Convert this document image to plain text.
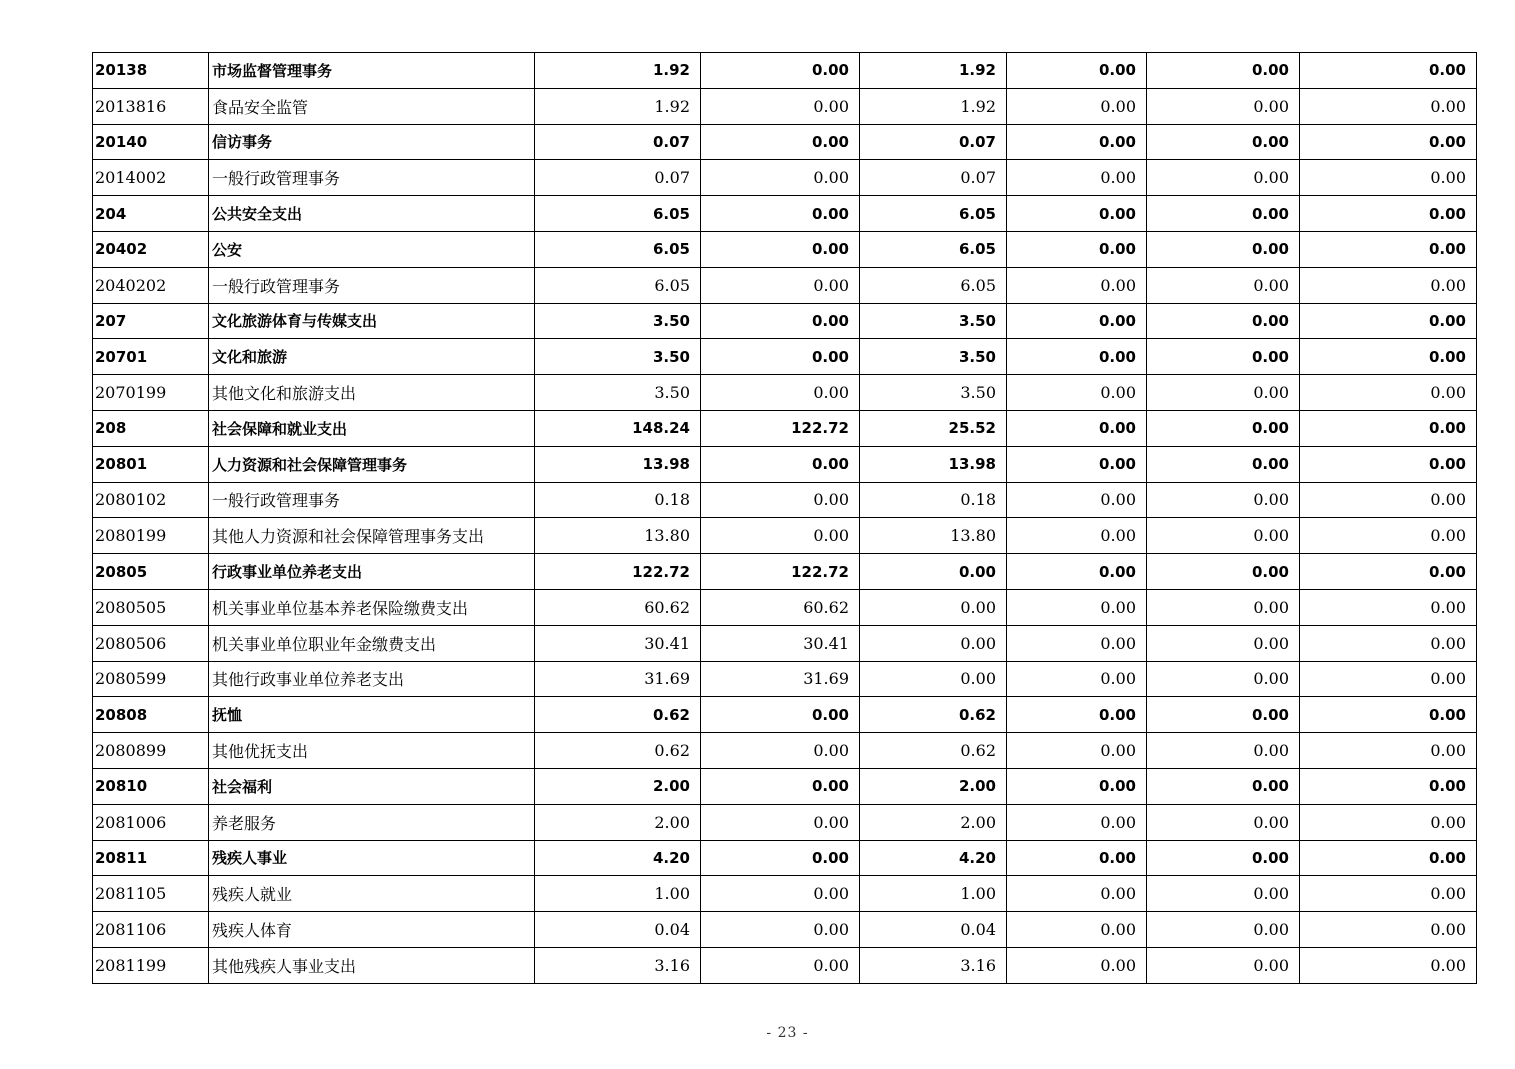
20138	市场监督管理事务	1.92	0.00	1.92	0.00	0.00	0.00
2013816	食品安全监管	1.92	0.00	1.92	0.00	0.00	0.00
20140	信访事务	0.07	0.00	0.07	0.00	0.00	0.00
2014002	一般行政管理事务	0.07	0.00	0.07	0.00	0.00	0.00
204	公共安全支出	6.05	0.00	6.05	0.00	0.00	0.00
20402	公安	6.05	0.00	6.05	0.00	0.00	0.00
2040202	一般行政管理事务	6.05	0.00	6.05	0.00	0.00	0.00
207	文化旅游体育与传媒支出	3.50	0.00	3.50	0.00	0.00	0.00
20701	文化和旅游	3.50	0.00	3.50	0.00	0.00	0.00
2070199	其他文化和旅游支出	3.50	0.00	3.50	0.00	0.00	0.00
208	社会保障和就业支出	148.24	122.72	25.52	0.00	0.00	0.00
20801	人力资源和社会保障管理事务	13.98	0.00	13.98	0.00	0.00	0.00
2080102	一般行政管理事务	0.18	0.00	0.18	0.00	0.00	0.00
2080199	其他人力资源和社会保障管理事务支出	13.80	0.00	13.80	0.00	0.00	0.00
20805	行政事业单位养老支出	122.72	122.72	0.00	0.00	0.00	0.00
2080505	机关事业单位基本养老保险缴费支出	60.62	60.62	0.00	0.00	0.00	0.00
2080506	机关事业单位职业年金缴费支出	30.41	30.41	0.00	0.00	0.00	0.00
2080599	其他行政事业单位养老支出	31.69	31.69	0.00	0.00	0.00	0.00
20808	抚恤	0.62	0.00	0.62	0.00	0.00	0.00
2080899	其他优抚支出	0.62	0.00	0.62	0.00	0.00	0.00
20810	社会福利	2.00	0.00	2.00	0.00	0.00	0.00
2081006	养老服务	2.00	0.00	2.00	0.00	0.00	0.00
20811	残疾人事业	4.20	0.00	4.20	0.00	0.00	0.00
2081105	残疾人就业	1.00	0.00	1.00	0.00	0.00	0.00
2081106	残疾人体育	0.04	0.00	0.04	0.00	0.00	0.00
2081199	其他残疾人事业支出	3.16	0.00	3.16	0.00	0.00	0.00
- 23 -
